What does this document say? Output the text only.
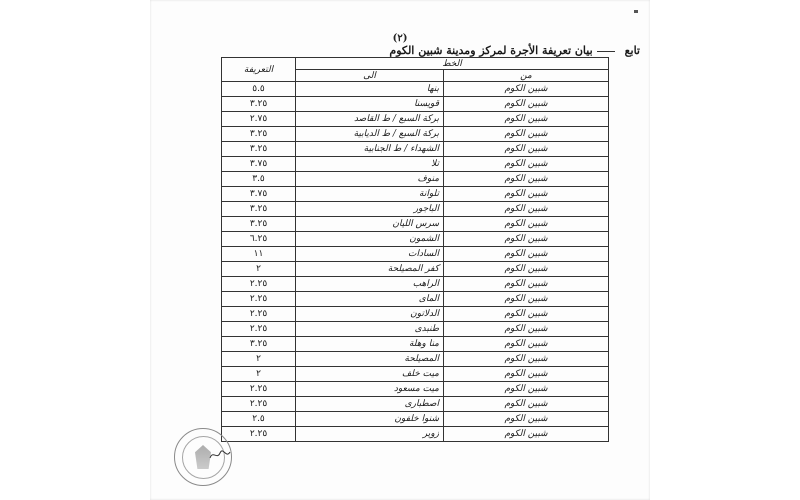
(٢)
تابعبيان تعريفة الأجرة لمركز ومدينة شبين الكوم
الخط		التعريفة
من	الى	
شبين الكوم	بنها	٥.٥
شبين الكوم	قويسنا	٣.٢٥
شبين الكوم	بركة السبع / ط القاصد	٢.٧٥
شبين الكوم	بركة السبع / ط الديابية	٣.٢٥
شبين الكوم	الشهداء / ط الجنابية	٣.٢٥
شبين الكوم	تلا	٣.٧٥
شبين الكوم	منوف	٣.٥
شبين الكوم	تلوانة	٣.٧٥
شبين الكوم	الباجور	٣.٢٥
شبين الكوم	سرس الليان	٣.٢٥
شبين الكوم	الشمون	٦.٢٥
شبين الكوم	السادات	١١
شبين الكوم	كفر المصيلحة	٢
شبين الكوم	الراهب	٢.٢٥
شبين الكوم	الماى	٢.٢٥
شبين الكوم	الدلاتون	٢.٢٥
شبين الكوم	طنبدى	٢.٢٥
شبين الكوم	منا وهلة	٣.٢٥
شبين الكوم	المصيلحة	٢
شبين الكوم	ميت خلف	٢
شبين الكوم	ميت مسعود	٢.٢٥
شبين الكوم	اصطبارى	٢.٢٥
شبين الكوم	شنوا خلفون	٢.٥
شبين الكوم	زوير	٢.٢٥
